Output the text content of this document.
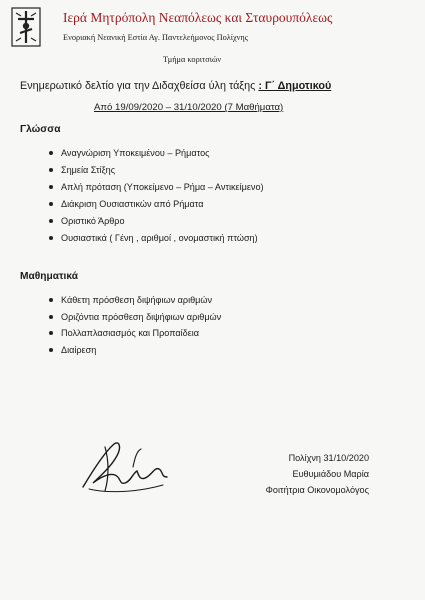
Ιερά Μητρόπολη Νεαπόλεως και Σταυρουπόλεως
Ενοριακή Νεανική Εστία Αγ. Παντελεήμονος Πολίχνης
Τμήμα κοριτσιών
Ενημερωτικό δελτίο για την Διδαχθείσα ύλη τάξης : Γ΄ Δημοτικού
Από 19/09/2020 – 31/10/2020 (7 Μαθήματα)
Γλώσσα
Αναγνώριση Υποκειμένου – Ρήματος
Σημεία Στίξης
Απλή πρόταση (Υποκείμενο – Ρήμα – Αντικείμενο)
Διάκριση Ουσιαστικών από Ρήματα
Οριστικό Άρθρο
Ουσιαστικά ( Γένη , αριθμοί , ονομαστική πτώση)
Μαθηματικά
Κάθετη πρόσθεση διψήφιων αριθμών
Οριζόντια πρόσθεση διψήφιων αριθμών
Πολλαπλασιασμός και Προπαίδεια
Διαίρεση
Πολίχνη 31/10/2020
Ευθυμιάδου Μαρία
Φοιτήτρια Οικονομολόγος
